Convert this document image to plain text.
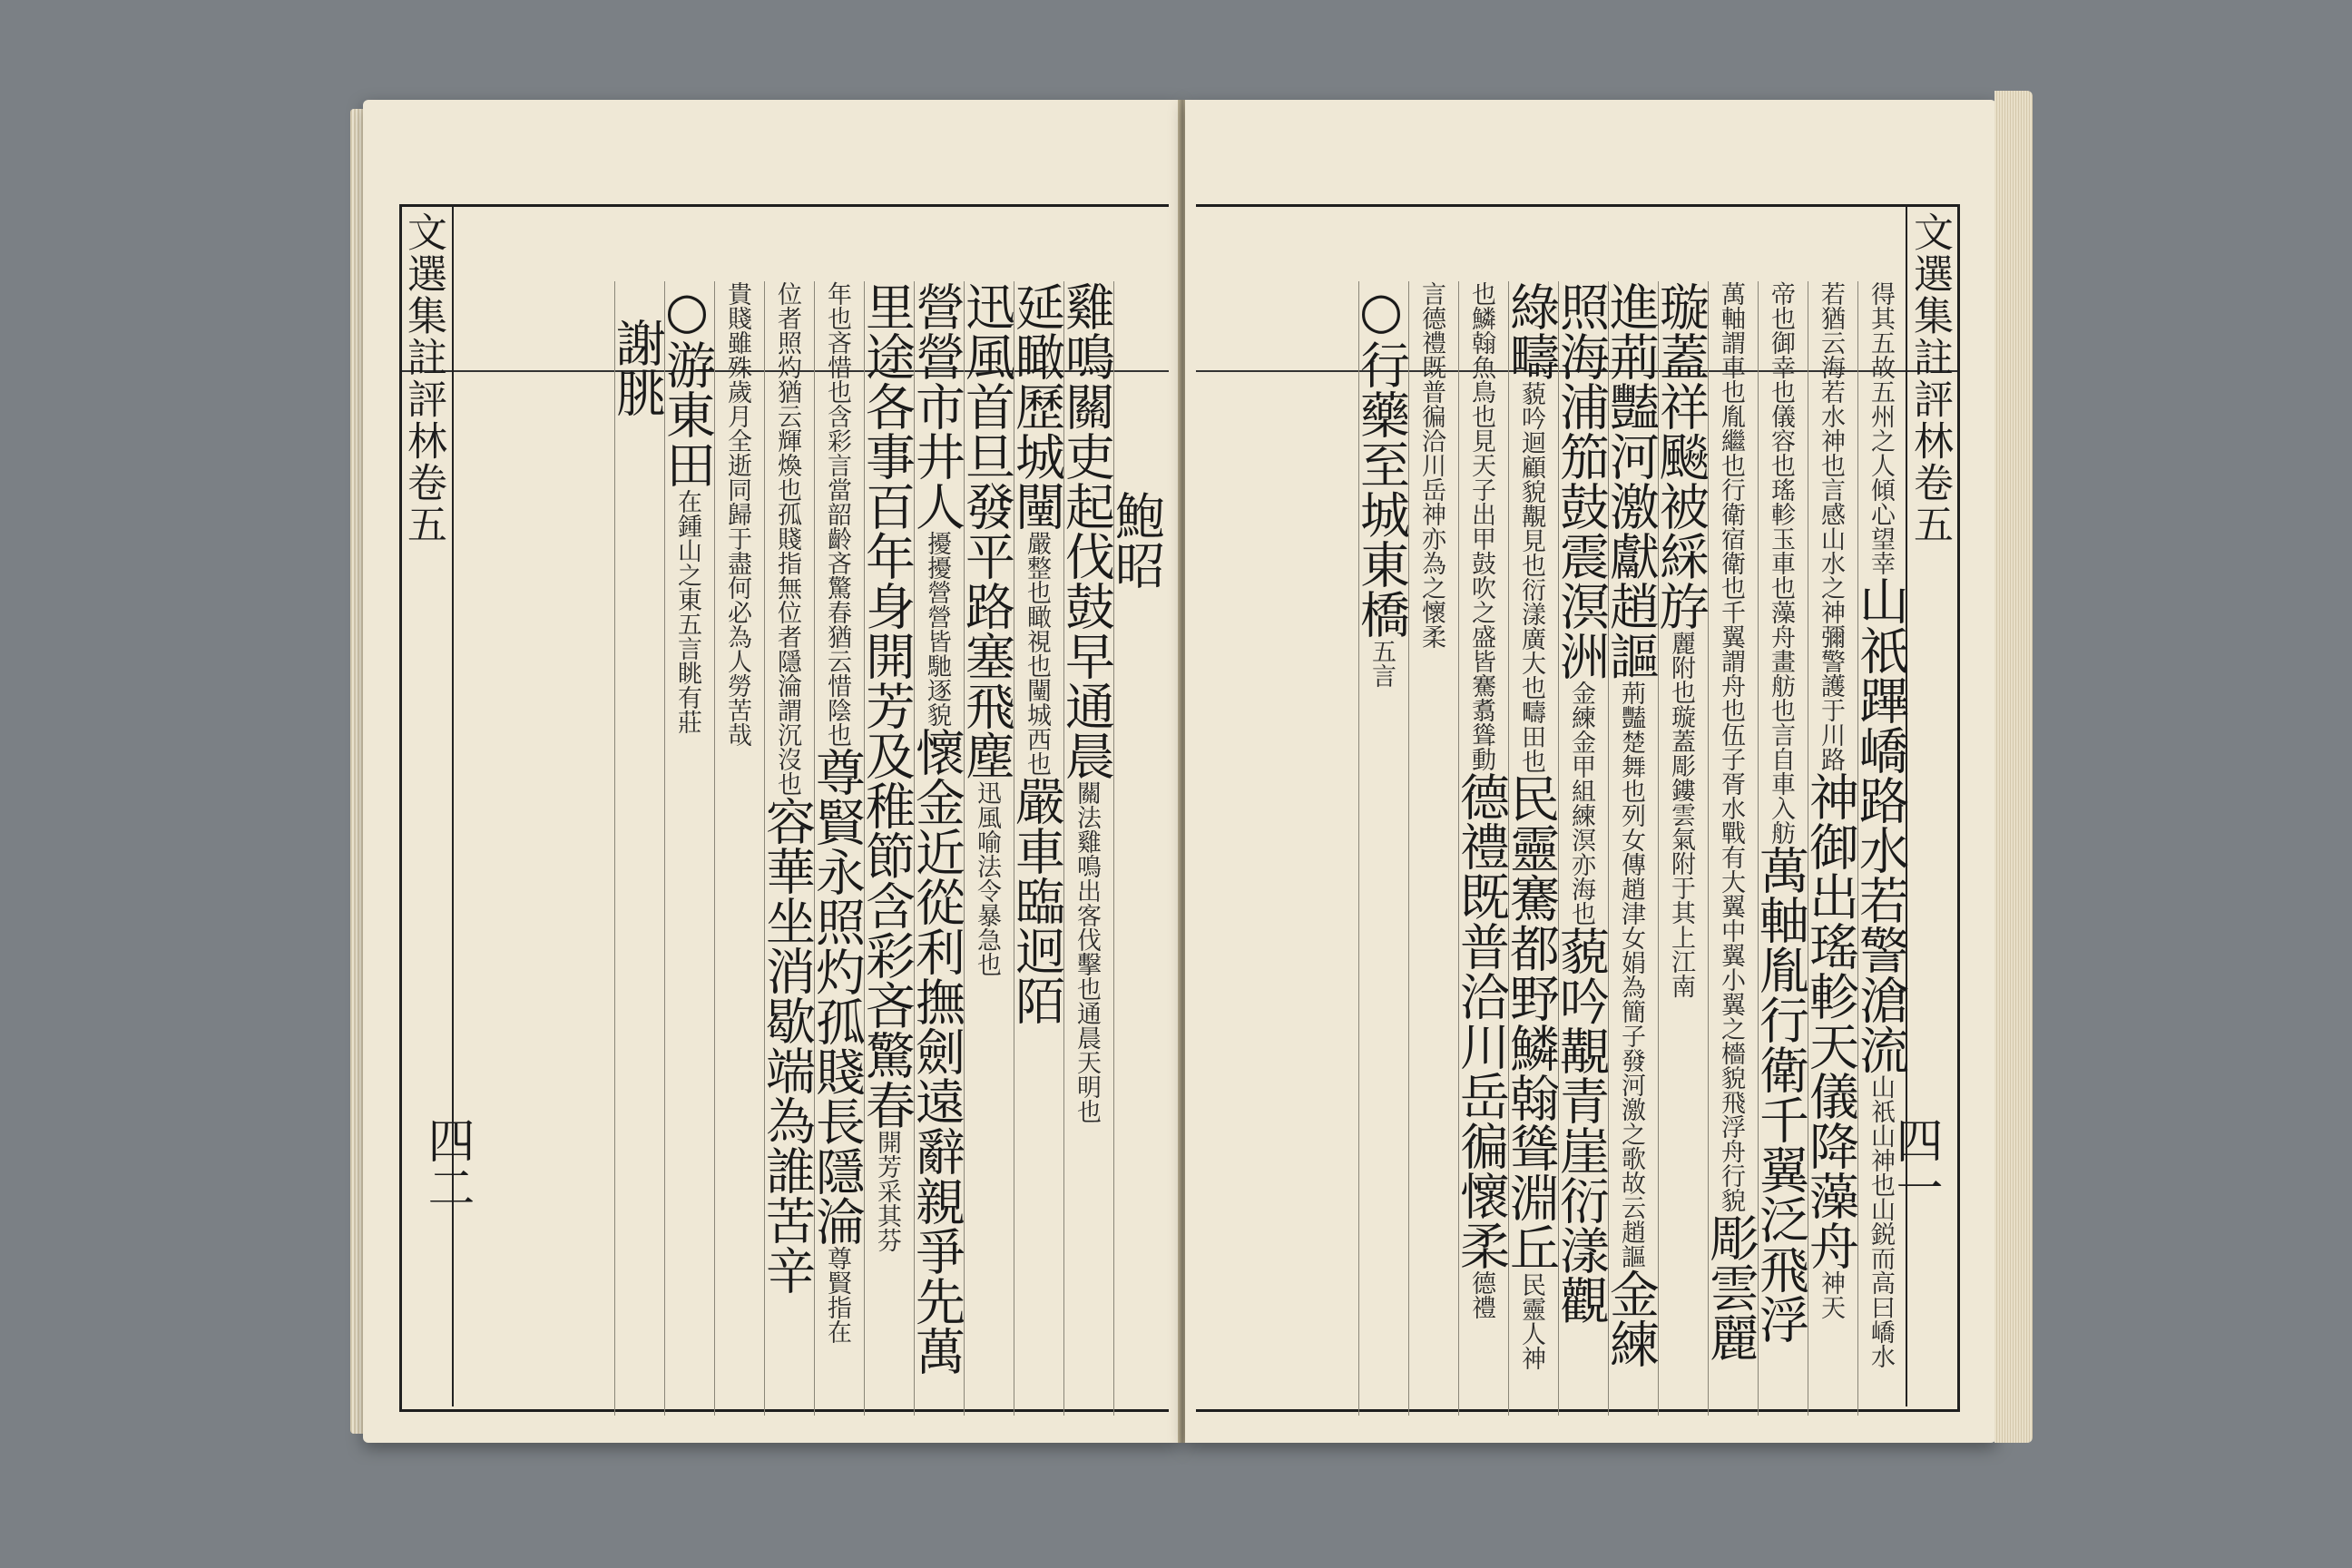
文選集註評林卷五
四二
鮑昭
雞鳴關吏起伐鼓早通晨關法雞鳴出客伐擊也通晨天明也
延瞰歷城闉嚴整也瞰視也闉城西也嚴車臨迥陌
迅風首旦發平路塞飛塵迅風喻法令暴急也
營營市井人擾擾營營皆馳逐貌懷金近從利撫劍遠辭親爭先萬
里途各事百年身開芳及稚節含彩吝驚春開芳采其芬
年也吝惜也含彩言當韶齡吝驚春猶云惜陰也尊賢永照灼孤賤長隱淪尊賢指在
位者照灼猶云輝煥也孤賤指無位者隱淪謂沉沒也容華坐消歇端為誰苦辛
貴賤雖殊歲月全逝同歸于盡何必為人勞苦哉
○游東田在鍾山之東五言眺有莊
謝朓	文選集註評林卷五
四一
得其五故五州之人傾心望幸山祇蹕嶠路水若警滄流山祇山神也山鋭而高曰嶠水
若猶云海若水神也言感山水之神彌警護于川路神御出瑤軫天儀降藻舟神天
帝也御幸也儀容也瑤軫玉車也藻舟畫舫也言自車入舫萬軸胤行衛千翼泛飛浮
萬軸謂車也胤繼也行衛宿衛也千翼謂舟也伍子胥水戰有大翼中翼小翼之檣貌飛浮舟行貌彫雲麗
璇蓋祥飈被綵斿麗附也璇蓋彫鏤雲氣附于其上江南
進荊豔河激獻趙謳荊豔楚舞也列女傳趙津女娟為簡子發河激之歌故云趙謳金練
照海浦笳鼓震溟洲金練金甲組練溟亦海也藐吟覯青崖衍漾觀
綠疇藐吟迴顧貌覯見也衍漾廣大也疇田也民靈騫都野鱗翰聳淵丘民靈人神
也鱗翰魚鳥也見天子出甲鼓吹之盛皆騫翥聳動德禮既普洽川岳徧懷柔德禮
言德禮既普徧洽川岳神亦為之懷柔
○行藥至城東橋五言
